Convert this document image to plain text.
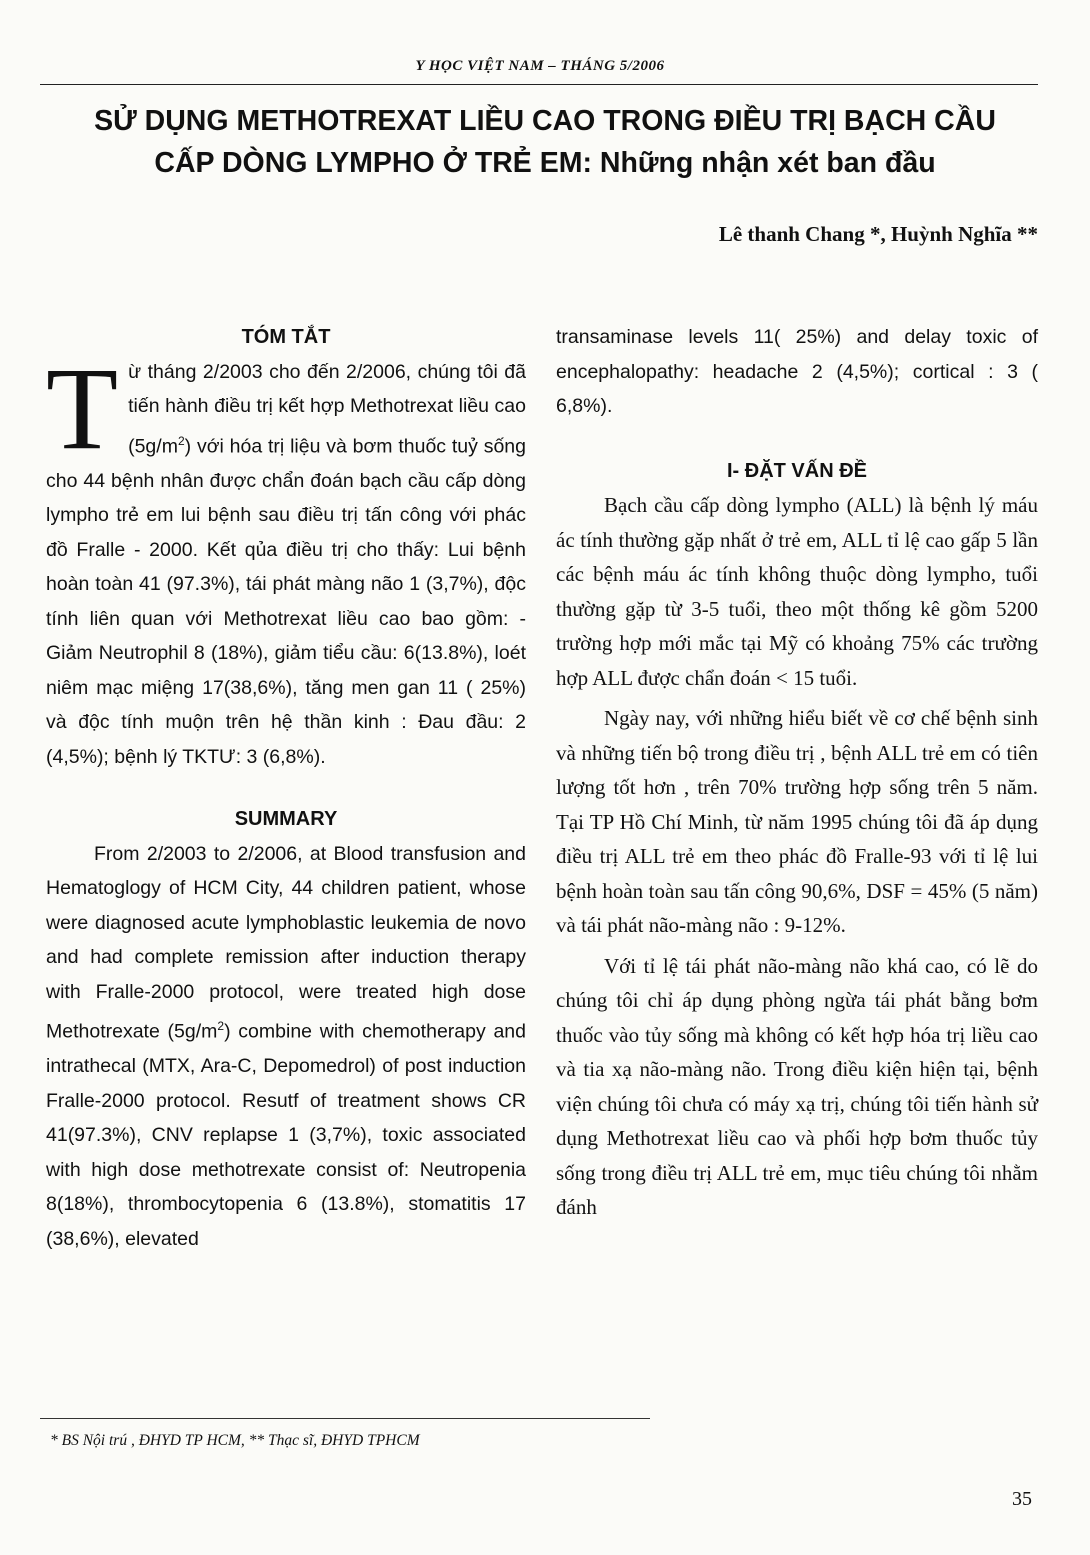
Y HỌC VIỆT NAM – THÁNG 5/2006
SỬ DỤNG METHOTREXAT LIỀU CAO TRONG ĐIỀU TRỊ BẠCH CẦU
CẤP DÒNG LYMPHO Ở TRẺ EM: Những nhận xét ban đầu
Lê thanh Chang *, Huỳnh Nghĩa **
TÓM TẮT

Từ tháng 2/2003 cho đến 2/2006, chúng tôi đã tiến hành điều trị kết hợp Methotrexat liều cao $(5g/m^2)$ với hóa trị liệu và bơm thuốc tuỷ sống cho 44 bệnh nhân được chẩn đoán bạch cầu cấp dòng lympho trẻ em lui bệnh sau điều trị tấn công với phác đồ Fralle - 2000. Kết qủa điều trị cho thấy: Lui bệnh hoàn toàn 41 (97.3%), tái phát màng não 1 (3,7%), độc tính liên quan với Methotrexat liều cao bao gồm: - Giảm Neutrophil 8 (18%), giảm tiểu cầu: 6(13.8%), loét niêm mạc miệng 17(38,6%), tăng men gan 11 ( 25%) và độc tính muộn trên hệ thần kinh : Đau đầu: 2 (4,5%); bệnh lý TKTƯ: 3 (6,8%).

SUMMARY

From 2/2003 to 2/2006, at Blood transfusion and Hematoglogy of HCM City, 44 children patient, whose were diagnosed acute lymphoblastic leukemia de novo and had complete remission after induction therapy with Fralle-2000 protocol, were treated high dose Methotrexate $(5g/m^2)$ combine with chemotherapy and intrathecal (MTX, Ara-C, Depomedrol) of post induction Fralle-2000 protocol. Resutf of treatment shows CR 41(97.3%), CNV replapse 1 (3,7%), toxic associated with high dose methotrexate consist of: Neutropenia 8(18%), thrombocytopenia 6 (13.8%), stomatitis 17 (38,6%), elevated

transaminase levels 11( 25%) and delay toxic of encephalopathy: headache 2 (4,5%); cortical : 3 ( 6,8%).

I- ĐẶT VẤN ĐỀ

Bạch cầu cấp dòng lympho (ALL) là bệnh lý máu ác tính thường gặp nhất ở trẻ em, ALL tỉ lệ cao gấp 5 lần các bệnh máu ác tính không thuộc dòng lympho, tuổi thường gặp từ 3-5 tuổi, theo một thống kê gồm 5200 trường hợp mới mắc tại Mỹ có khoảng 75% các trường hợp ALL được chẩn đoán < 15 tuổi.

Ngày nay, với những hiểu biết về cơ chế bệnh sinh và những tiến bộ trong điều trị , bệnh ALL trẻ em có tiên lượng tốt hơn , trên 70% trường hợp sống trên 5 năm. Tại TP Hồ Chí Minh, từ năm 1995 chúng tôi đã áp dụng điều trị ALL trẻ em theo phác đồ Fralle-93 với tỉ lệ lui bệnh hoàn toàn sau tấn công 90,6%, DSF = 45% (5 năm) và tái phát não-màng não : 9-12%.

Với tỉ lệ tái phát não-màng não khá cao, có lẽ do chúng tôi chỉ áp dụng phòng ngừa tái phát bằng bơm thuốc vào tủy sống mà không có kết hợp hóa trị liều cao và tia xạ não-màng não. Trong điều kiện hiện tại, bệnh viện chúng tôi chưa có máy xạ trị, chúng tôi tiến hành sử dụng Methotrexat liều cao và phối hợp bơm thuốc tủy sống trong điều trị ALL trẻ em, mục tiêu chúng tôi nhằm đánh

* BS Nội trú , ĐHYD TP HCM, ** Thạc sĩ, ĐHYD TPHCM
35
